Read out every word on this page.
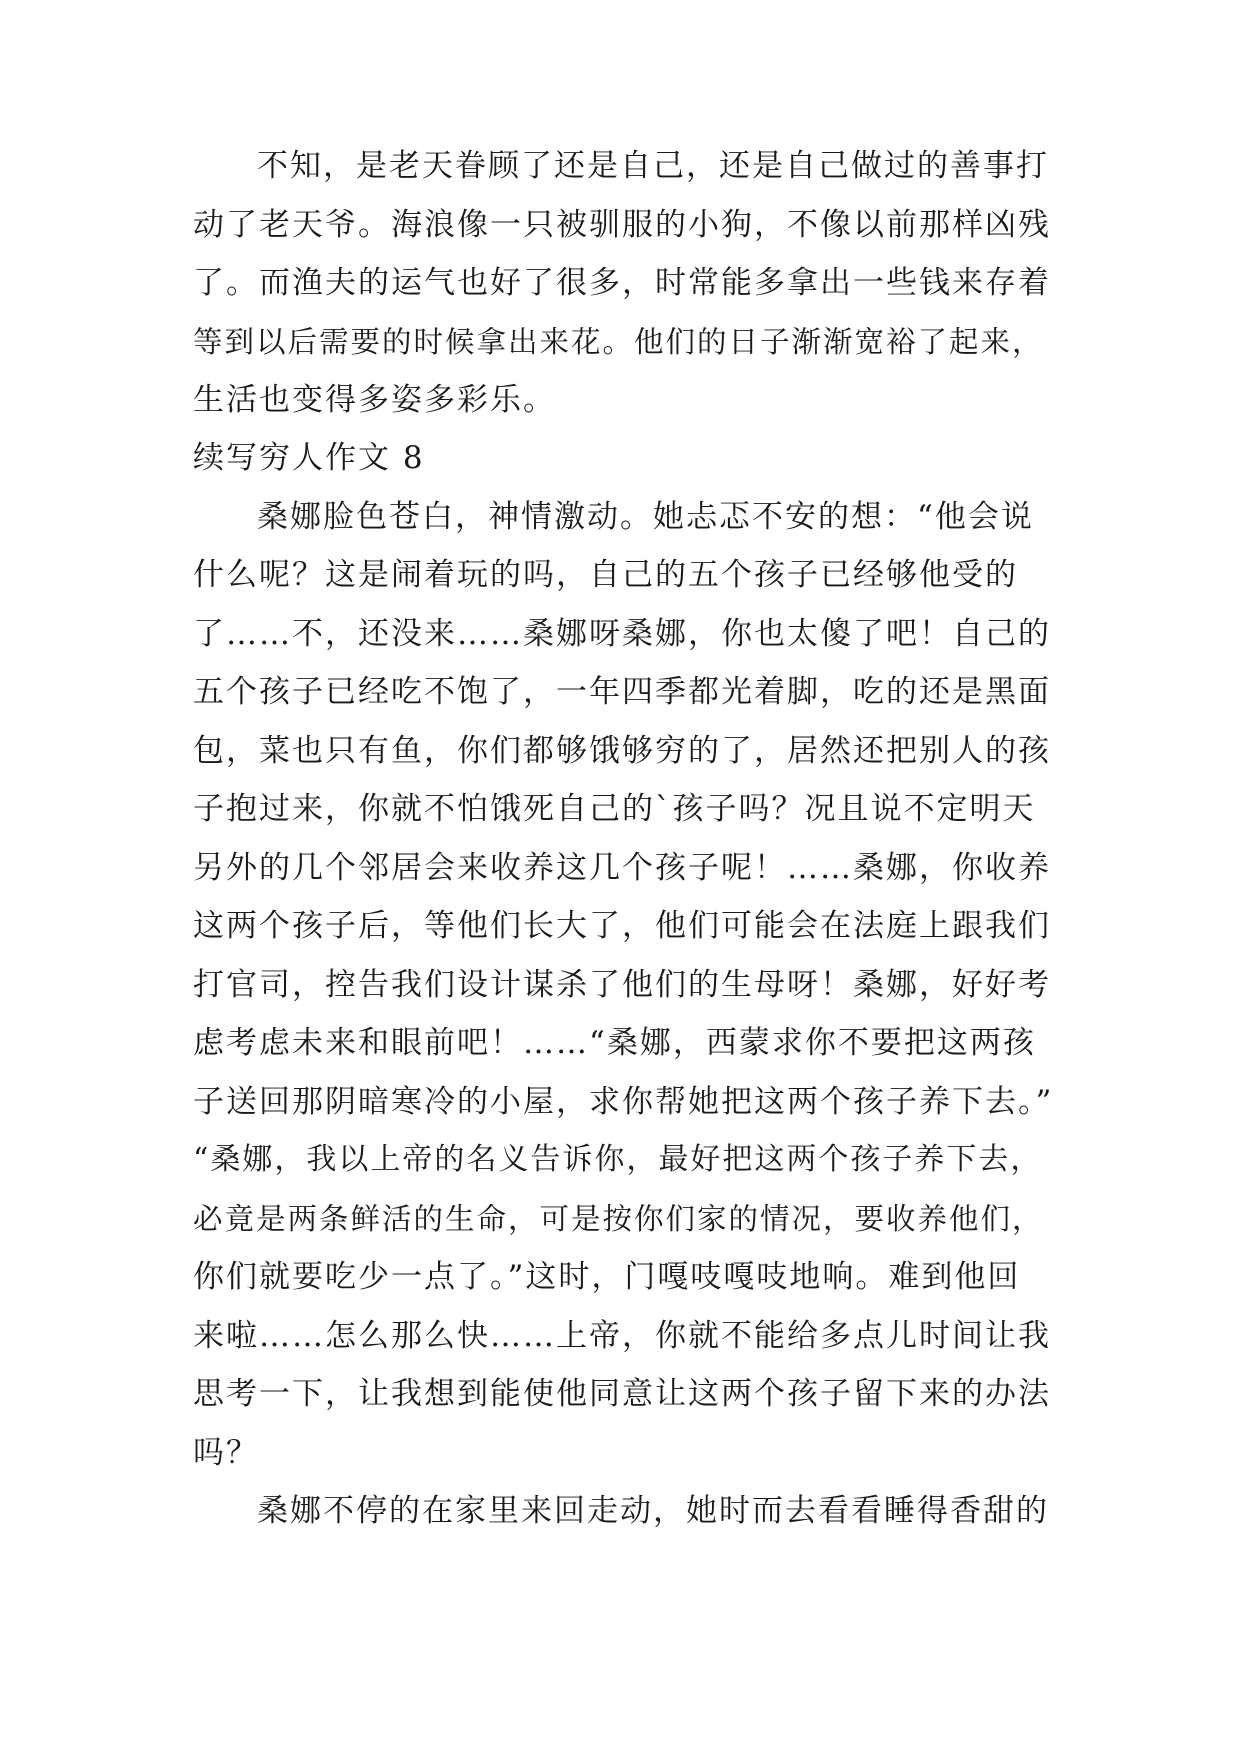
不知，是老天眷顾了还是自己，还是自己做过的善事打
动了老天爷。海浪像一只被驯服的小狗，不像以前那样凶残
了。而渔夫的运气也好了很多，时常能多拿出一些钱来存着
等到以后需要的时候拿出来花。他们的日子渐渐宽裕了起来，
生活也变得多姿多彩乐。
续写穷人作文 8
桑娜脸色苍白，神情激动。她忐忑不安的想：“他会说
什么呢？这是闹着玩的吗，自己的五个孩子已经够他受的
了……不，还没来……桑娜呀桑娜，你也太傻了吧！自己的
五个孩子已经吃不饱了，一年四季都光着脚，吃的还是黑面
包，菜也只有鱼，你们都够饿够穷的了，居然还把别人的孩
子抱过来，你就不怕饿死自己的`孩子吗？况且说不定明天
另外的几个邻居会来收养这几个孩子呢！……桑娜，你收养
这两个孩子后，等他们长大了，他们可能会在法庭上跟我们
打官司，控告我们设计谋杀了他们的生母呀！桑娜，好好考
虑考虑未来和眼前吧！……“桑娜，西蒙求你不要把这两孩
子送回那阴暗寒冷的小屋，求你帮她把这两个孩子养下去。”
“桑娜，我以上帝的名义告诉你，最好把这两个孩子养下去，
必竟是两条鲜活的生命，可是按你们家的情况，要收养他们，
你们就要吃少一点了。”这时，门嘎吱嘎吱地响。难到他回
来啦……怎么那么快……上帝，你就不能给多点儿时间让我
思考一下，让我想到能使他同意让这两个孩子留下来的办法
吗？
桑娜不停的在家里来回走动，她时而去看看睡得香甜的
